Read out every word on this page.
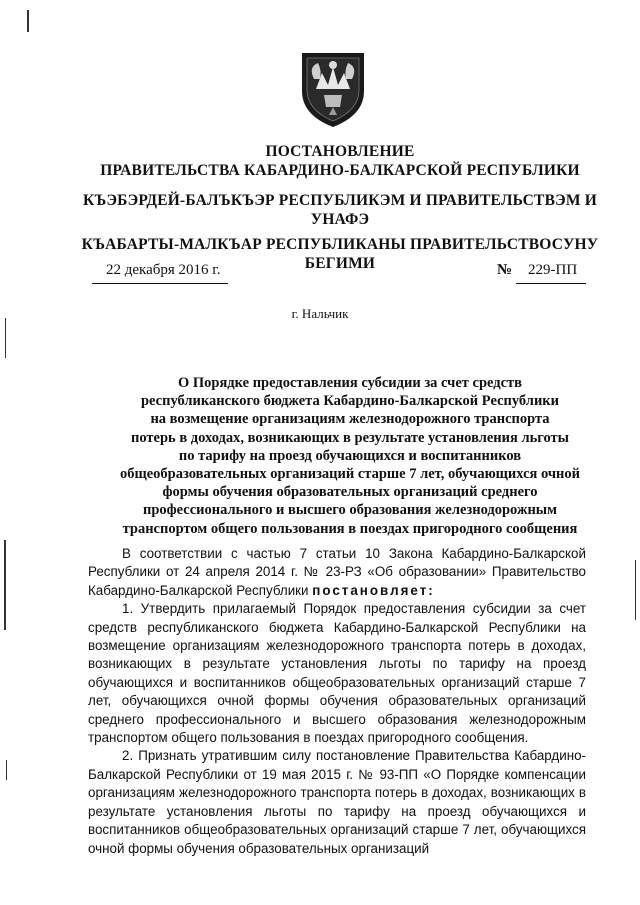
ПОСТАНОВЛЕНИЕ
ПРАВИТЕЛЬСТВА КАБАРДИНО-БАЛКАРСКОЙ РЕСПУБЛИКИ
КЪЭБЭРДЕЙ-БАЛЪКЪЭР РЕСПУБЛИКЭМ И ПРАВИТЕЛЬСТВЭМ И
УНАФЭ
КЪАБАРТЫ-МАЛКЪАР РЕСПУБЛИКАНЫ ПРАВИТЕЛЬСТВОСУНУ
БЕГИМИ
22 декабря 2016 г.	№ 229-ПП
г. Нальчик
О Порядке предоставления субсидии за счет средств
республиканского бюджета Кабардино-Балкарской Республики
на возмещение организациям железнодорожного транспорта
потерь в доходах, возникающих в результате установления льготы
по тарифу на проезд обучающихся и воспитанников
общеобразовательных организаций старше 7 лет, обучающихся очной
формы обучения образовательных организаций среднего
профессионального и высшего образования железнодорожным
транспортом общего пользования в поездах пригородного сообщения

В соответствии с частью 7 статьи 10 Закона Кабардино-Балкарской Республики от 24 апреля 2014 г. № 23-РЗ «Об образовании» Правительство Кабардино-Балкарской Республики постановляет:

1. Утвердить прилагаемый Порядок предоставления субсидии за счет средств республиканского бюджета Кабардино-Балкарской Республики на возмещение организациям железнодорожного транспорта потерь в доходах, возникающих в результате установления льготы по тарифу на проезд обучающихся и воспитанников общеобразовательных организаций старше 7 лет, обучающихся очной формы обучения образовательных организаций среднего профессионального и высшего образования железнодорожным транспортом общего пользования в поездах пригородного сообщения.

2. Признать утратившим силу постановление Правительства Кабардино-Балкарской Республики от 19 мая 2015 г. № 93-ПП «О Порядке компенсации организациям железнодорожного транспорта потерь в доходах, возникающих в результате установления льготы по тарифу на проезд обучающихся и воспитанников общеобразовательных организаций старше 7 лет, обучающихся очной формы обучения образовательных организаций
